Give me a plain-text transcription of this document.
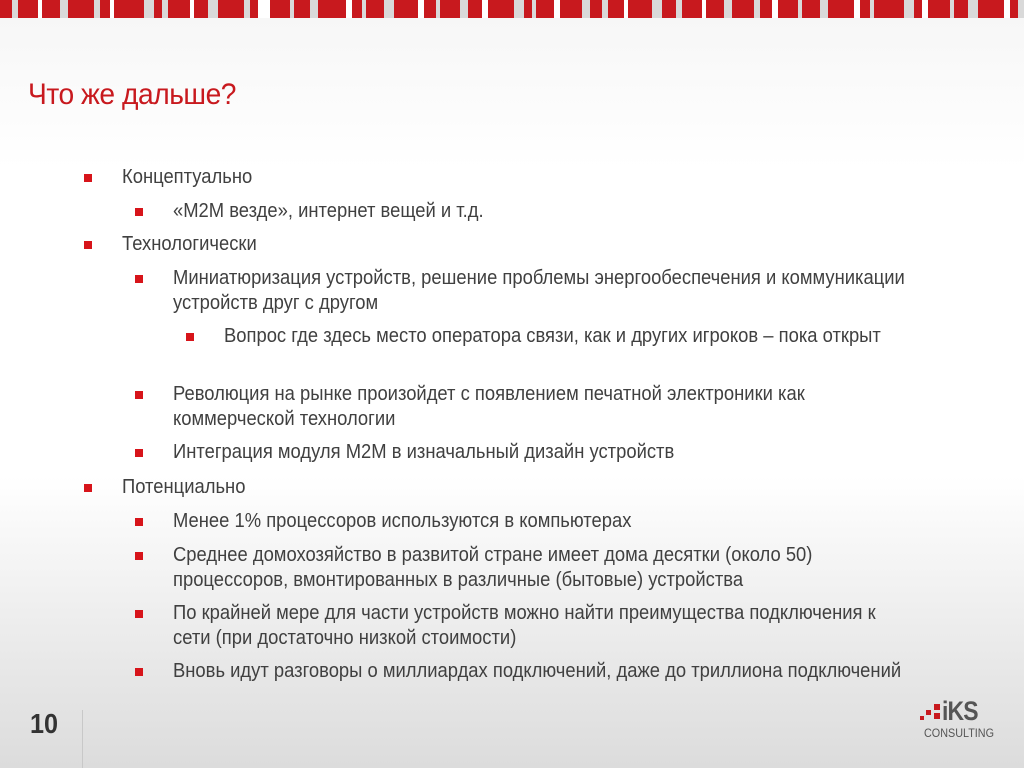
Что же дальше?
Концептуально
«M2M везде», интернет вещей и т.д.
Технологически
Миниатюризация устройств, решение проблемы энергообеспечения и коммуникации устройств друг с другом
Вопрос где здесь место оператора связи, как и других игроков – пока открыт
Революция на рынке произойдет с появлением печатной электроники как коммерческой технологии
Интеграция модуля M2M в изначальный дизайн устройств
Потенциально
Менее 1% процессоров используются в компьютерах
Среднее домохозяйство в развитой стране имеет дома десятки (около 50) процессоров, вмонтированных в различные (бытовые) устройства
По крайней мере для части устройств можно найти преимущества подключения к сети (при достаточно низкой стоимости)
Вновь идут разговоры о миллиардах подключений, даже до триллиона подключений
10	iKS
CONSULTING
